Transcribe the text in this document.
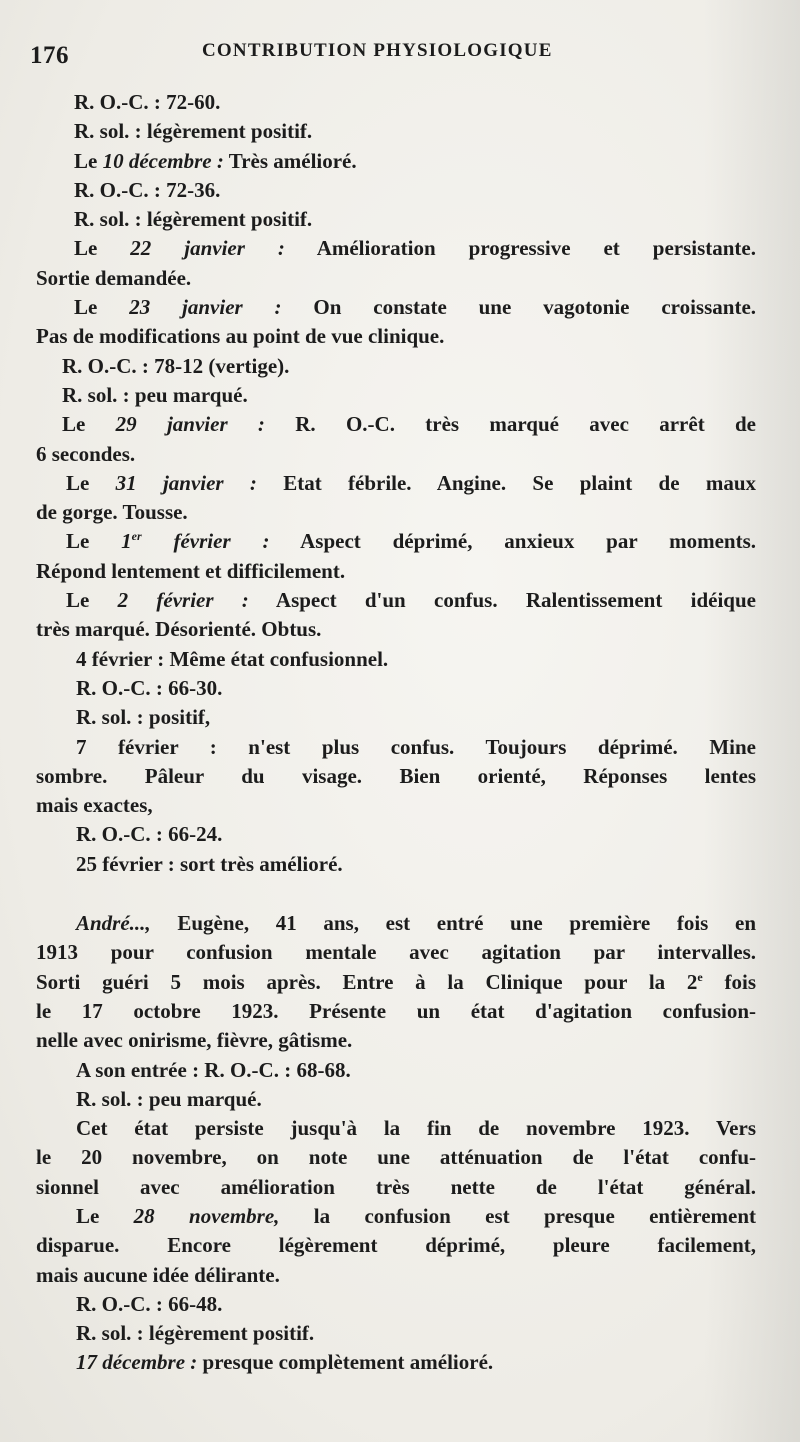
176	CONTRIBUTION PHYSIOLOGIQUE
R. O.-C. : 72-60.
R. sol. : légèrement positif.
Le 10 décembre : Très amélioré.
R. O.-C. : 72-36.
R. sol. : légèrement positif.
Le 22 janvier : Amélioration progressive et persistante.
Sortie demandée.
Le 23 janvier : On constate une vagotonie croissante.
Pas de modifications au point de vue clinique.
R. O.-C. : 78-12 (vertige).
R. sol. : peu marqué.
Le 29 janvier : R. O.-C. très marqué avec arrêt de
6 secondes.
Le 31 janvier : Etat fébrile. Angine. Se plaint de maux
de gorge. Tousse.
Le 1er février : Aspect déprimé, anxieux par moments.
Répond lentement et difficilement.
Le 2 février : Aspect d'un confus. Ralentissement idéique
très marqué. Désorienté. Obtus.
4 février : Même état confusionnel.
R. O.-C. : 66-30.
R. sol. : positif,
7 février : n'est plus confus. Toujours déprimé. Mine
sombre. Pâleur du visage. Bien orienté, Réponses lentes
mais exactes,
R. O.-C. : 66-24.
25 février : sort très amélioré.
André..., Eugène, 41 ans, est entré une première fois en
1913 pour confusion mentale avec agitation par intervalles.
Sorti guéri 5 mois après. Entre à la Clinique pour la 2e fois
le 17 octobre 1923. Présente un état d'agitation confusion-
nelle avec onirisme, fièvre, gâtisme.
A son entrée : R. O.-C. : 68-68.
R. sol. : peu marqué.
Cet état persiste jusqu'à la fin de novembre 1923. Vers
le 20 novembre, on note une atténuation de l'état confu-
sionnel avec amélioration très nette de l'état général.
Le 28 novembre, la confusion est presque entièrement
disparue. Encore légèrement déprimé, pleure facilement,
mais aucune idée délirante.
R. O.-C. : 66-48.
R. sol. : légèrement positif.
17 décembre : presque complètement amélioré.
